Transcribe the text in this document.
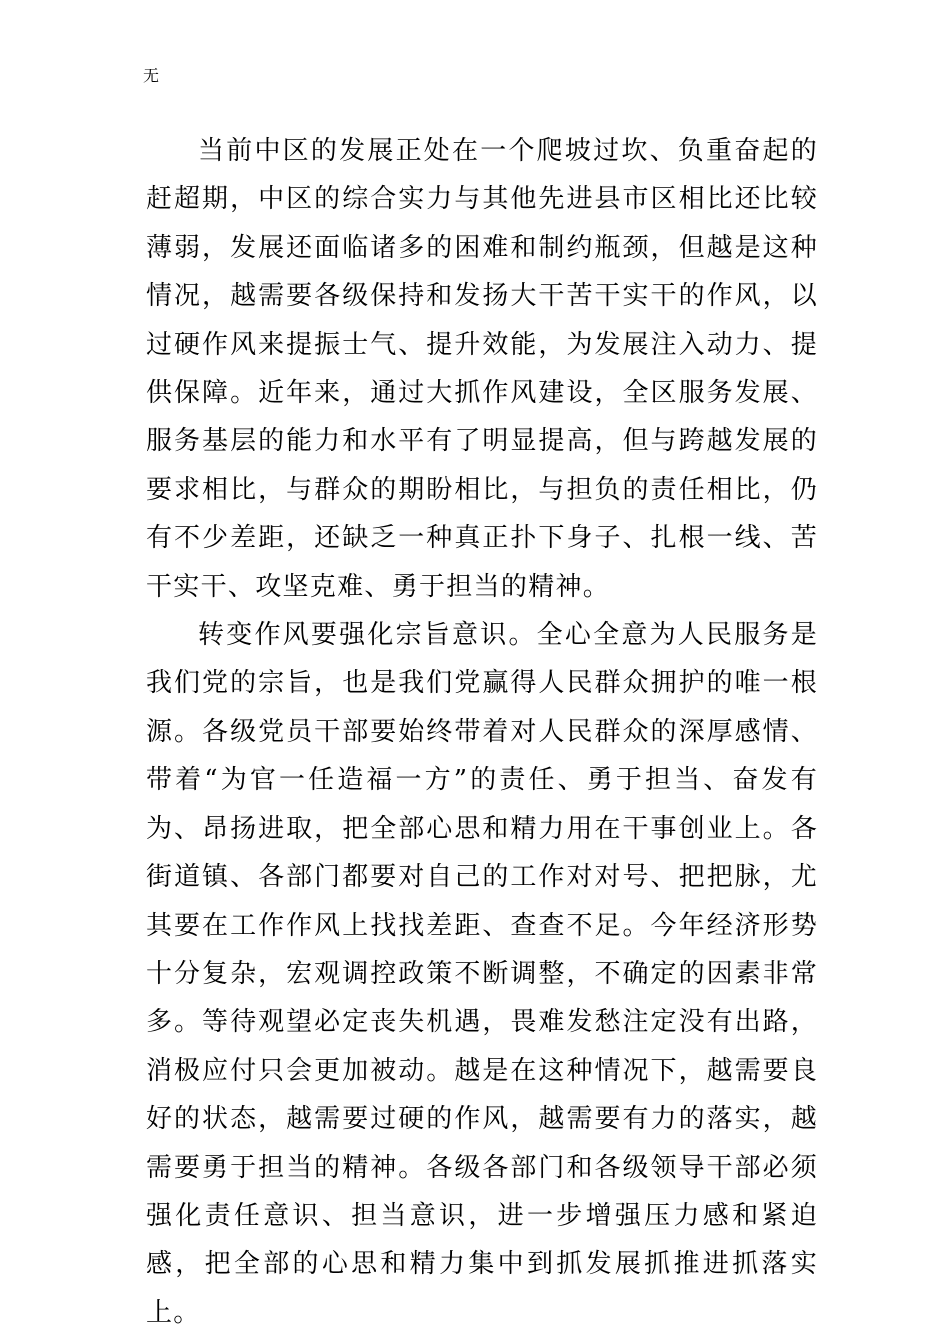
无

当前中区的发展正处在一个爬坡过坎、负重奋起的赶超期，中区的综合实力与其他先进县市区相比还比较薄弱，发展还面临诸多的困难和制约瓶颈，但越是这种情况，越需要各级保持和发扬大干苦干实干的作风，以过硬作风来提振士气、提升效能，为发展注入动力、提供保障。近年来，通过大抓作风建设，全区服务发展、服务基层的能力和水平有了明显提高，但与跨越发展的要求相比，与群众的期盼相比，与担负的责任相比，仍有不少差距，还缺乏一种真正扑下身子、扎根一线、苦干实干、攻坚克难、勇于担当的精神。

转变作风要强化宗旨意识。全心全意为人民服务是我们党的宗旨，也是我们党赢得人民群众拥护的唯一根源。各级党员干部要始终带着对人民群众的深厚感情、带着“为官一任造福一方”的责任、勇于担当、奋发有为、昂扬进取，把全部心思和精力用在干事创业上。各街道镇、各部门都要对自己的工作对对号、把把脉，尤其要在工作作风上找找差距、查查不足。今年经济形势十分复杂，宏观调控政策不断调整，不确定的因素非常多。等待观望必定丧失机遇，畏难发愁注定没有出路，消极应付只会更加被动。越是在这种情况下，越需要良好的状态，越需要过硬的作风，越需要有力的落实，越需要勇于担当的精神。各级各部门和各级领导干部必须强化责任意识、担当意识，进一步增强压力感和紧迫感，把全部的心思和精力集中到抓发展抓推进抓落实上。
